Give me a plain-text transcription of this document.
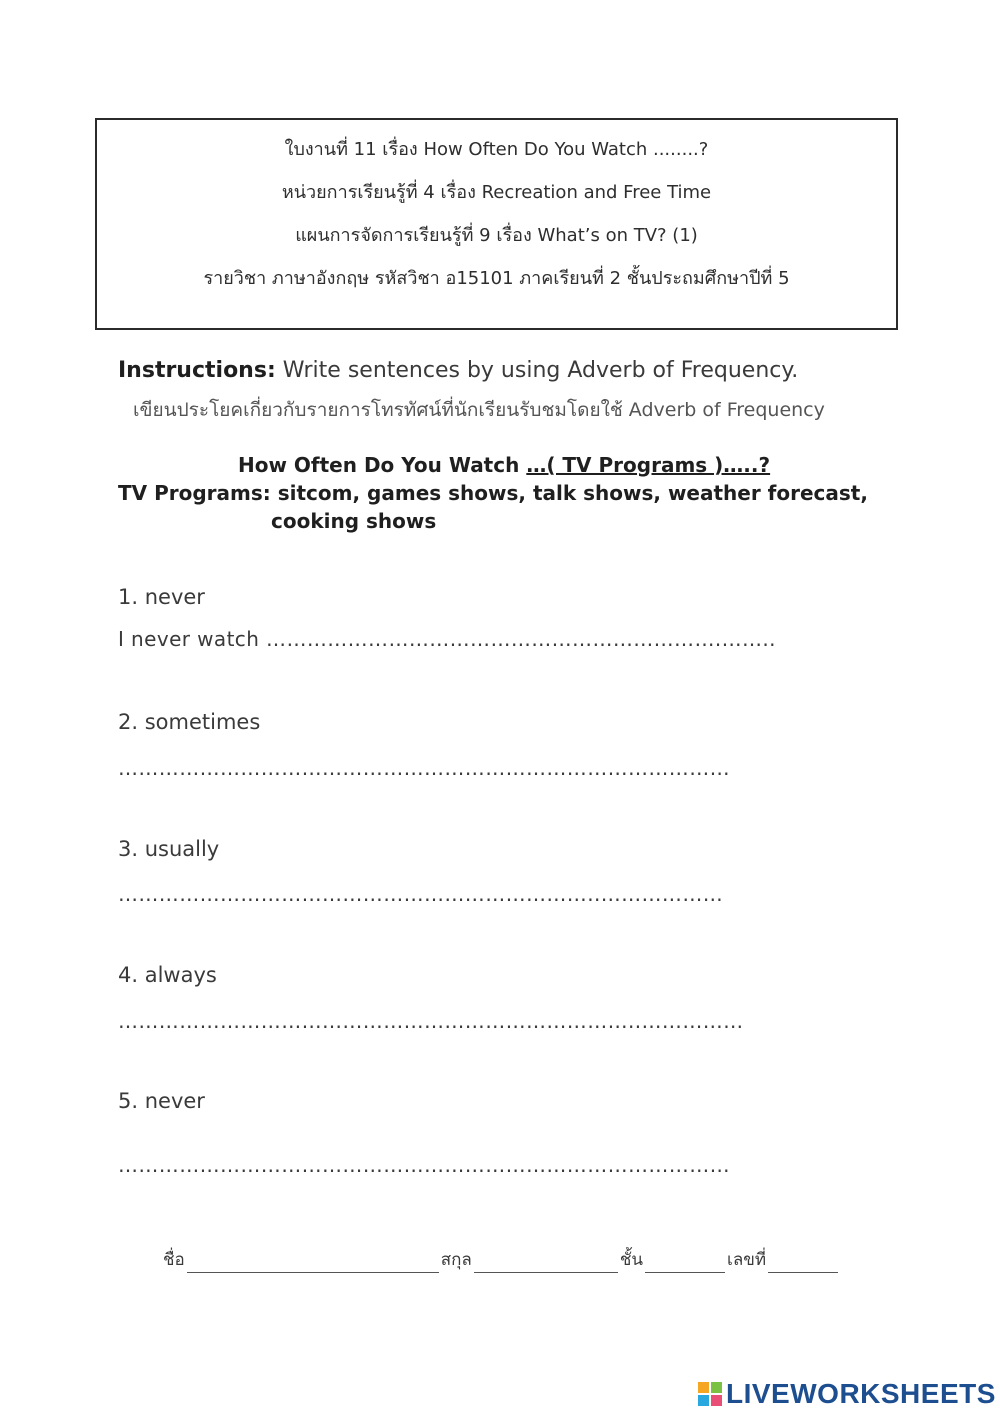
ใบงานที่ 11 เรื่อง How Often Do You Watch ........?
หน่วยการเรียนรู้ที่ 4 เรื่อง Recreation and Free Time
แผนการจัดการเรียนรู้ที่ 9 เรื่อง What’s on TV? (1)
รายวิชา ภาษาอังกฤษ รหัสวิชา อ15101 ภาคเรียนที่ 2 ชั้นประถมศึกษาปีที่ 5
Instructions: Write sentences by using Adverb of Frequency.
เขียนประโยคเกี่ยวกับรายการโทรทัศน์ที่นักเรียนรับชมโดยใช้ Adverb of Frequency
How Often Do You Watch …( TV Programs )…..?
TV Programs: sitcom, games shows, talk shows, weather forecast,
cooking shows
1. never
I never watch ………………………………………………………….……..
2. sometimes
………………………………………………………………………………
3. usually
……………………………………………………………..………………
4. always
…………………………………………………………………..……………
5. never
………………………………………………………………………………
ชื่อ	สกุล	ชั้น	เลขที่
LIVEWORKSHEETS
